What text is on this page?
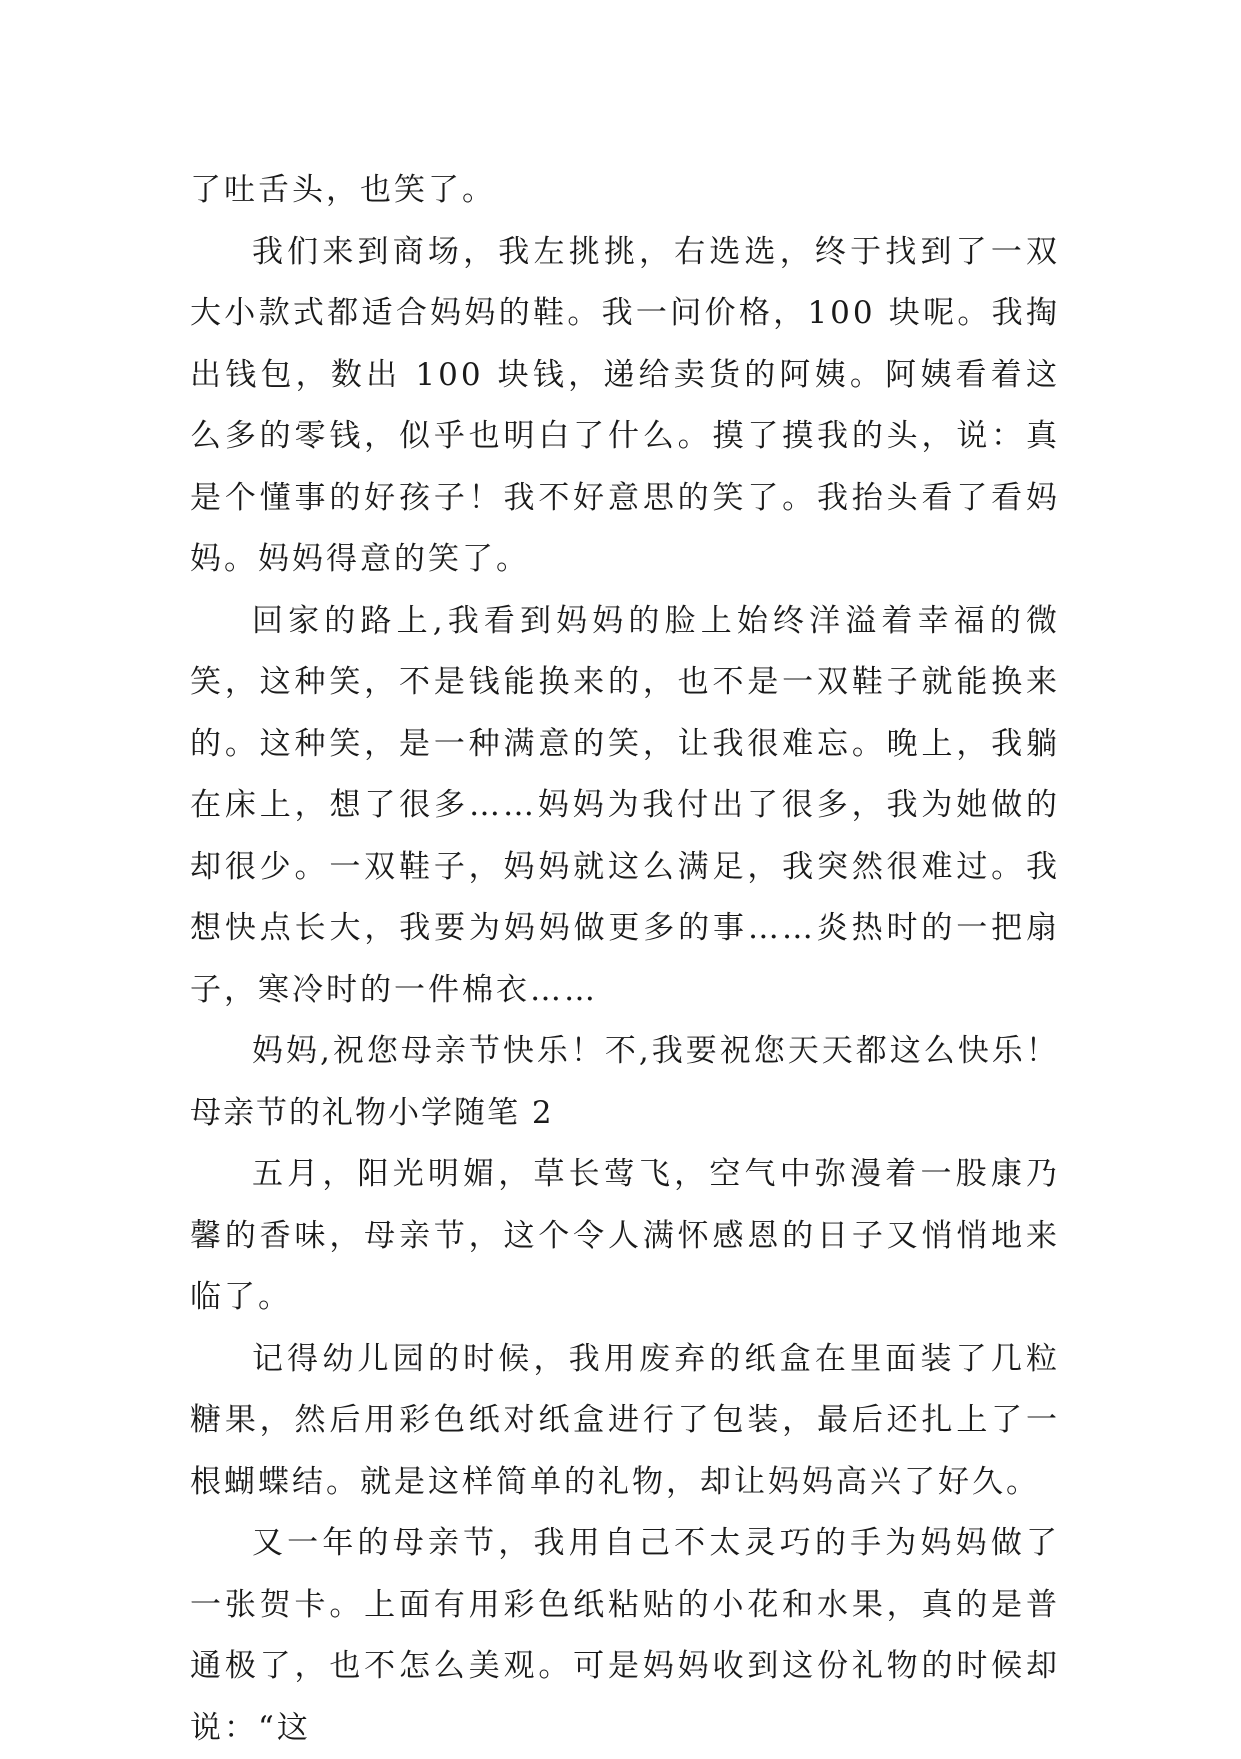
了吐舌头，也笑了。

我们来到商场，我左挑挑，右选选，终于找到了一双大小款式都适合妈妈的鞋。我一问价格，100 块呢。我掏出钱包，数出 100 块钱，递给卖货的阿姨。阿姨看着这么多的零钱，似乎也明白了什么。摸了摸我的头，说：真是个懂事的好孩子！我不好意思的笑了。我抬头看了看妈妈。妈妈得意的笑了。

回家的路上,我看到妈妈的脸上始终洋溢着幸福的微笑，这种笑，不是钱能换来的，也不是一双鞋子就能换来的。这种笑，是一种满意的笑，让我很难忘。晚上，我躺在床上，想了很多……妈妈为我付出了很多，我为她做的却很少。一双鞋子，妈妈就这么满足，我突然很难过。我想快点长大，我要为妈妈做更多的事……炎热时的一把扇子，寒冷时的一件棉衣……

妈妈,祝您母亲节快乐！不,我要祝您天天都这么快乐！

母亲节的礼物小学随笔 2

五月，阳光明媚，草长莺飞，空气中弥漫着一股康乃馨的香味，母亲节，这个令人满怀感恩的日子又悄悄地来临了。

记得幼儿园的时候，我用废弃的纸盒在里面装了几粒糖果，然后用彩色纸对纸盒进行了包装，最后还扎上了一根蝴蝶结。就是这样简单的礼物，却让妈妈高兴了好久。

又一年的母亲节，我用自己不太灵巧的手为妈妈做了一张贺卡。上面有用彩色纸粘贴的小花和水果，真的是普通极了，也不怎么美观。可是妈妈收到这份礼物的时候却说：“这
